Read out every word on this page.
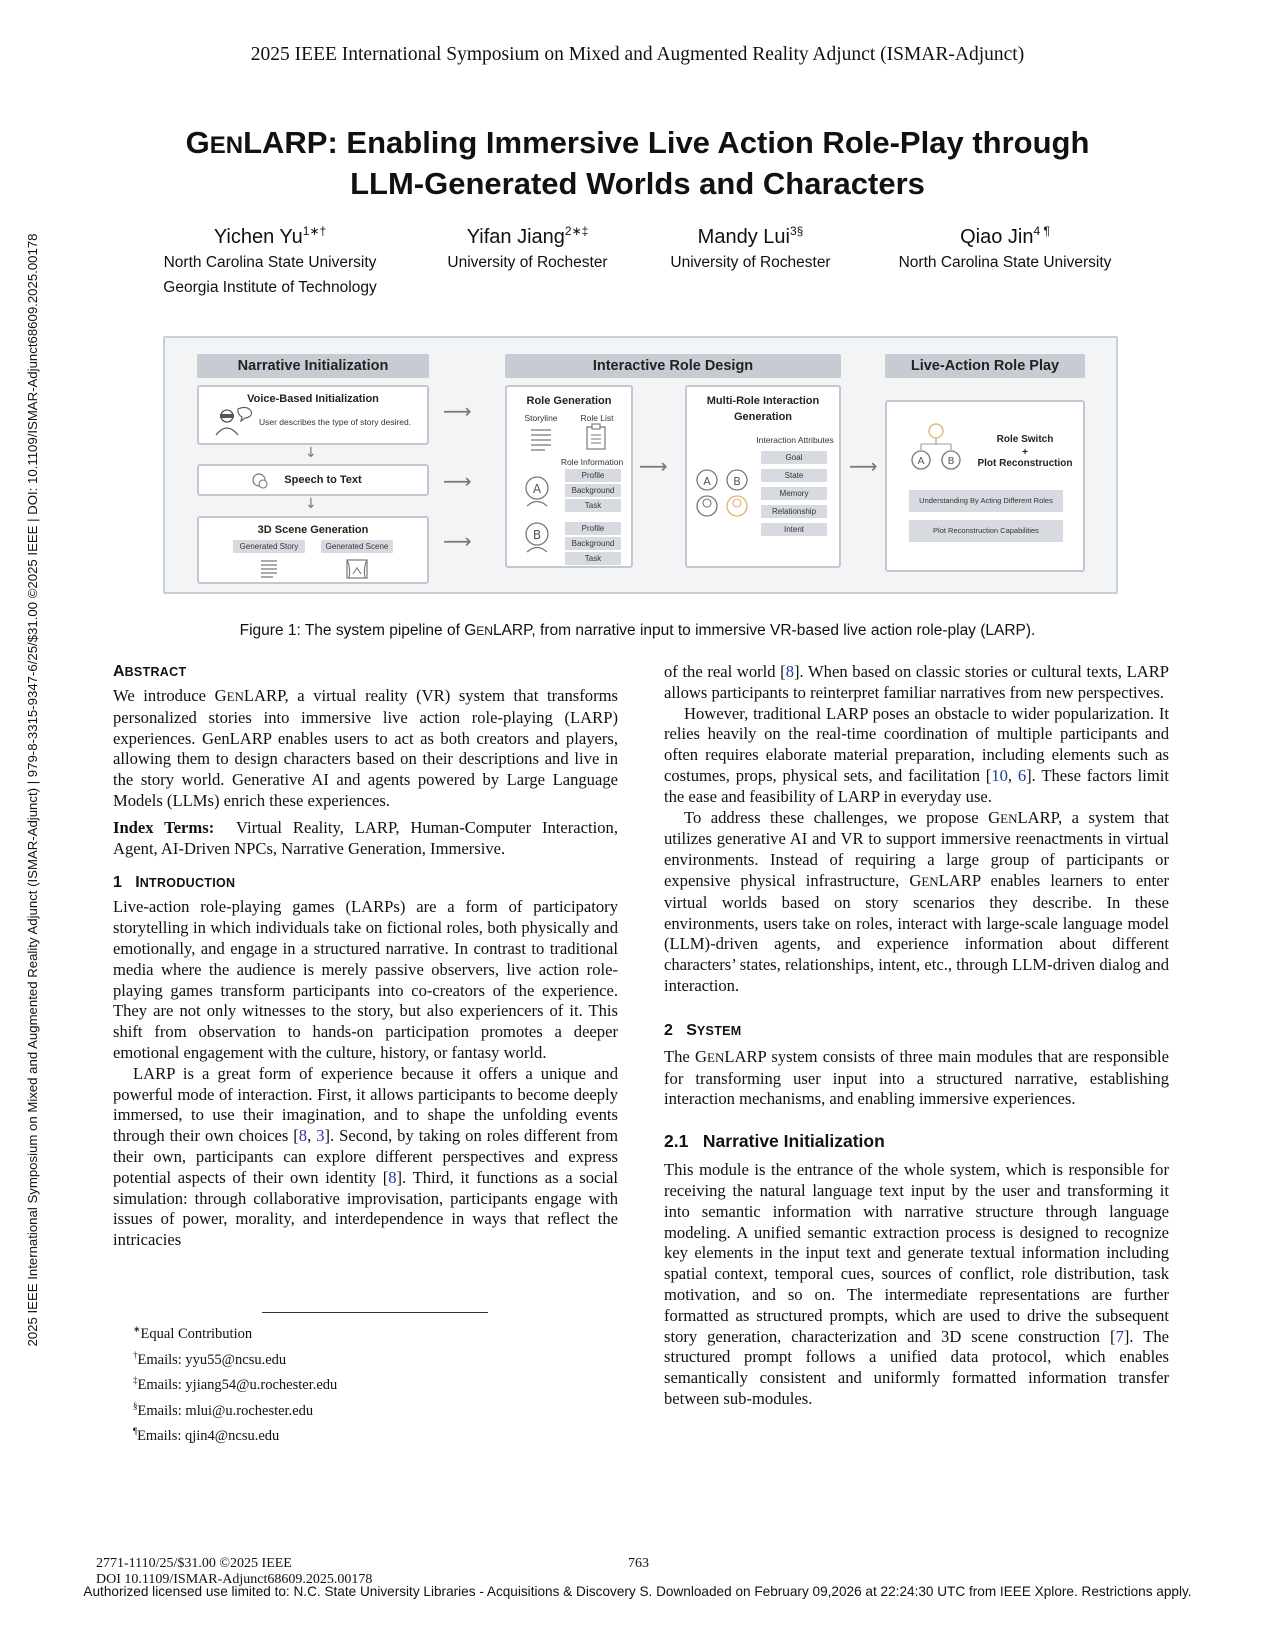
2025 IEEE International Symposium on Mixed and Augmented Reality Adjunct (ISMAR-Adjunct)
2025 IEEE International Symposium on Mixed and Augmented Reality Adjunct (ISMAR-Adjunct) | 979-8-3315-9347-6/25/$31.00 ©2025 IEEE | DOI: 10.1109/ISMAR-Adjunct68609.2025.00178
GENLARP: Enabling Immersive Live Action Role-Play through
LLM-Generated Worlds and Characters
Yichen $Yu^{1∗\dagger}$
North Carolina State University
Georgia Institute of Technology
Yifan Jiang$^{2∗\ddagger}$
University of Rochester
Mandy Lui$^{3\S}$
University of Rochester
Qiao Jin$^{4 \P}$
North Carolina State University
Narrative Initialization	Interactive Role Design	Live-Action Role Play
Voice-Based Initialization
User describes the type of story desired.
↓
Speech to Text
↓
3D Scene Generation
Generated Story	Generated Scene
⟶
⟶
⟶
Role Generation
Storyline	Role List
Role Information
A
Profile
Background
Task
B	Profile
Background
Task
⟶
Multi-Role Interaction
Generation
Interaction Attributes
Goal
State
Memory
Relationship
Intent
A B
⟶	A B
Role Switch
+
Plot Reconstruction
Understanding By Acting Different Roles
Plot Reconstruction Capabilities
Figure 1: The system pipeline of GENLARP, from narrative input to immersive VR-based live action role-play (LARP).
ABSTRACT

We introduce GENLARP, a virtual reality (VR) system that transforms personalized stories into immersive live action role-playing (LARP) experiences. GenLARP enables users to act as both creators and players, allowing them to design characters based on their descriptions and live in the story world. Generative AI and agents powered by Large Language Models (LLMs) enrich these experiences.

Index Terms: Virtual Reality, LARP, Human-Computer Interaction, Agent, AI-Driven NPCs, Narrative Generation, Immersive.

1 INTRODUCTION

Live-action role-playing games (LARPs) are a form of participatory storytelling in which individuals take on fictional roles, both physically and emotionally, and engage in a structured narrative. In contrast to traditional media where the audience is merely passive observers, live action role-playing games transform participants into co-creators of the experience. They are not only witnesses to the story, but also experiencers of it. This shift from observation to hands-on participation promotes a deeper emotional engagement with the culture, history, or fantasy world.

LARP is a great form of experience because it offers a unique and powerful mode of interaction. First, it allows participants to become deeply immersed, to use their imagination, and to shape the unfolding events through their own choices [8, 3]. Second, by taking on roles different from their own, participants can explore different perspectives and express potential aspects of their own identity [8]. Third, it functions as a social simulation: through collaborative improvisation, participants engage with issues of power, morality, and interdependence in ways that reflect the intricacies

∗Equal Contribution
†Emails: yyu55@ncsu.edu
‡Emails: yjiang54@u.rochester.edu
§Emails: mlui@u.rochester.edu
¶Emails: qjin4@ncsu.edu

of the real world [8]. When based on classic stories or cultural texts, LARP allows participants to reinterpret familiar narratives from new perspectives.

However, traditional LARP poses an obstacle to wider popularization. It relies heavily on the real-time coordination of multiple participants and often requires elaborate material preparation, including elements such as costumes, props, physical sets, and facilitation [10, 6]. These factors limit the ease and feasibility of LARP in everyday use.

To address these challenges, we propose GENLARP, a system that utilizes generative AI and VR to support immersive reenactments in virtual environments. Instead of requiring a large group of participants or expensive physical infrastructure, GENLARP enables learners to enter virtual worlds based on story scenarios they describe. In these environments, users take on roles, interact with large-scale language model (LLM)-driven agents, and experience information about different characters’ states, relationships, intent, etc., through LLM-driven dialog and interaction.

2 SYSTEM

The GENLARP system consists of three main modules that are responsible for transforming user input into a structured narrative, establishing interaction mechanisms, and enabling immersive experiences.

2.1   Narrative Initialization

This module is the entrance of the whole system, which is responsible for receiving the natural language text input by the user and transforming it into semantic information with narrative structure through language modeling. A unified semantic extraction process is designed to recognize key elements in the input text and generate textual information including spatial context, temporal cues, sources of conflict, role distribution, task motivation, and so on. The intermediate representations are further formatted as structured prompts, which are used to drive the subsequent story generation, characterization and 3D scene construction [7]. The structured prompt follows a unified data protocol, which enables semantically consistent and uniformly formatted information transfer between sub-modules.

2771-1110/25/$31.00 ©2025 IEEE
DOI 10.1109/ISMAR-Adjunct68609.2025.00178
763
Authorized licensed use limited to: N.C. State University Libraries - Acquisitions & Discovery S. Downloaded on February 09,2026 at 22:24:30 UTC from IEEE Xplore. Restrictions apply.
